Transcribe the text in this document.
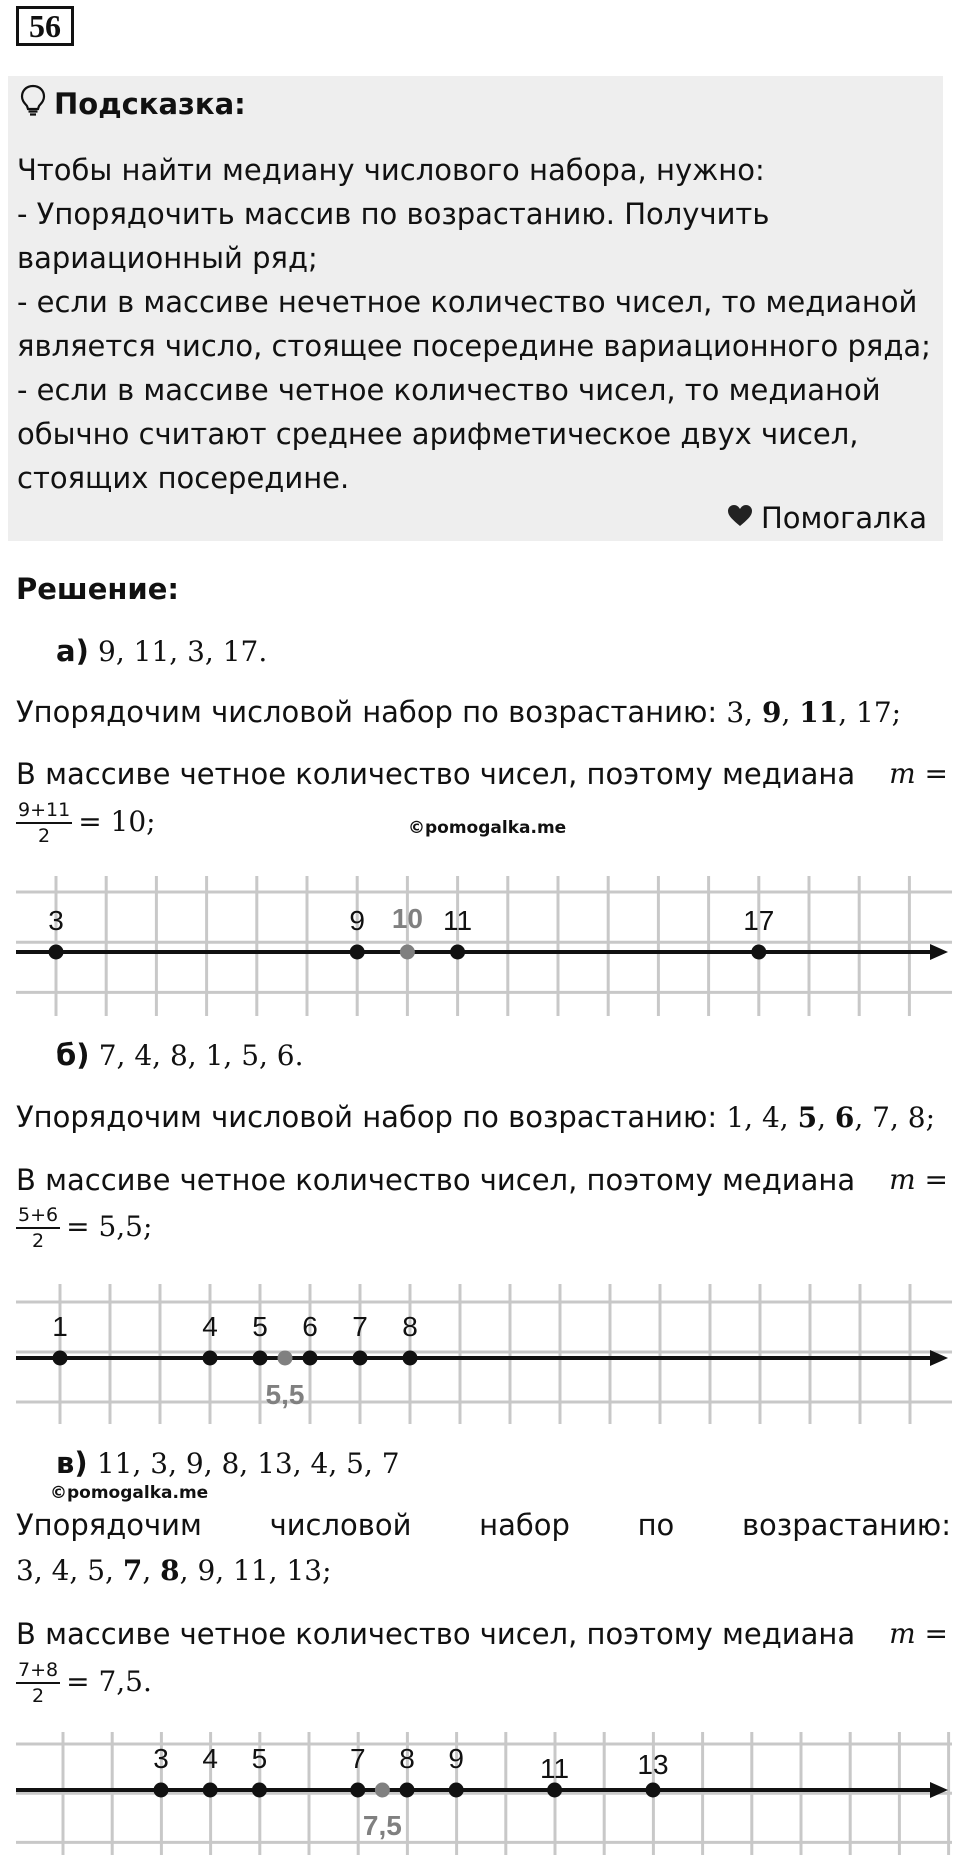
56
Подсказка:
Чтобы найти медиану числового набора, нужно:
- Упорядочить массив по возрастанию. Получить
вариационный ряд;
- если в массиве нечетное количество чисел, то медианой
является число, стоящее посередине вариационного ряда;
- если в массиве четное количество чисел, то медианой
обычно считают среднее арифметическое двух чисел,
стоящих посередине.
Помогалка
Решение:
а) 9, 11, 3, 17.
Упорядочим числовой набор по возрастанию: 3, 9, 11, 17;
В массиве четное количество чисел, поэтому медиана m =
$\frac{9+11}{2} = 10$;	©pomogalka.me
3	9	11	17
10
б) 7, 4, 8, 1, 5, 6.
Упорядочим числовой набор по возрастанию: 1, 4, 5, 6, 7, 8;
В массиве четное количество чисел, поэтому медиана m =
$\frac{5+6}{2} = 5,5$;
1	4 5 6 7 8
5,5
в) 11, 3, 9, 8, 13, 4, 5, 7
©pomogalka.me
Упорядочим числовой набор по возрастанию:
3, 4, 5, 7, 8, 9, 11, 13;
В массиве четное количество чисел, поэтому медиана m =
$\frac{7+8}{2} = 7,5$.
3 4 5	7 8 9	11 13
7,5
